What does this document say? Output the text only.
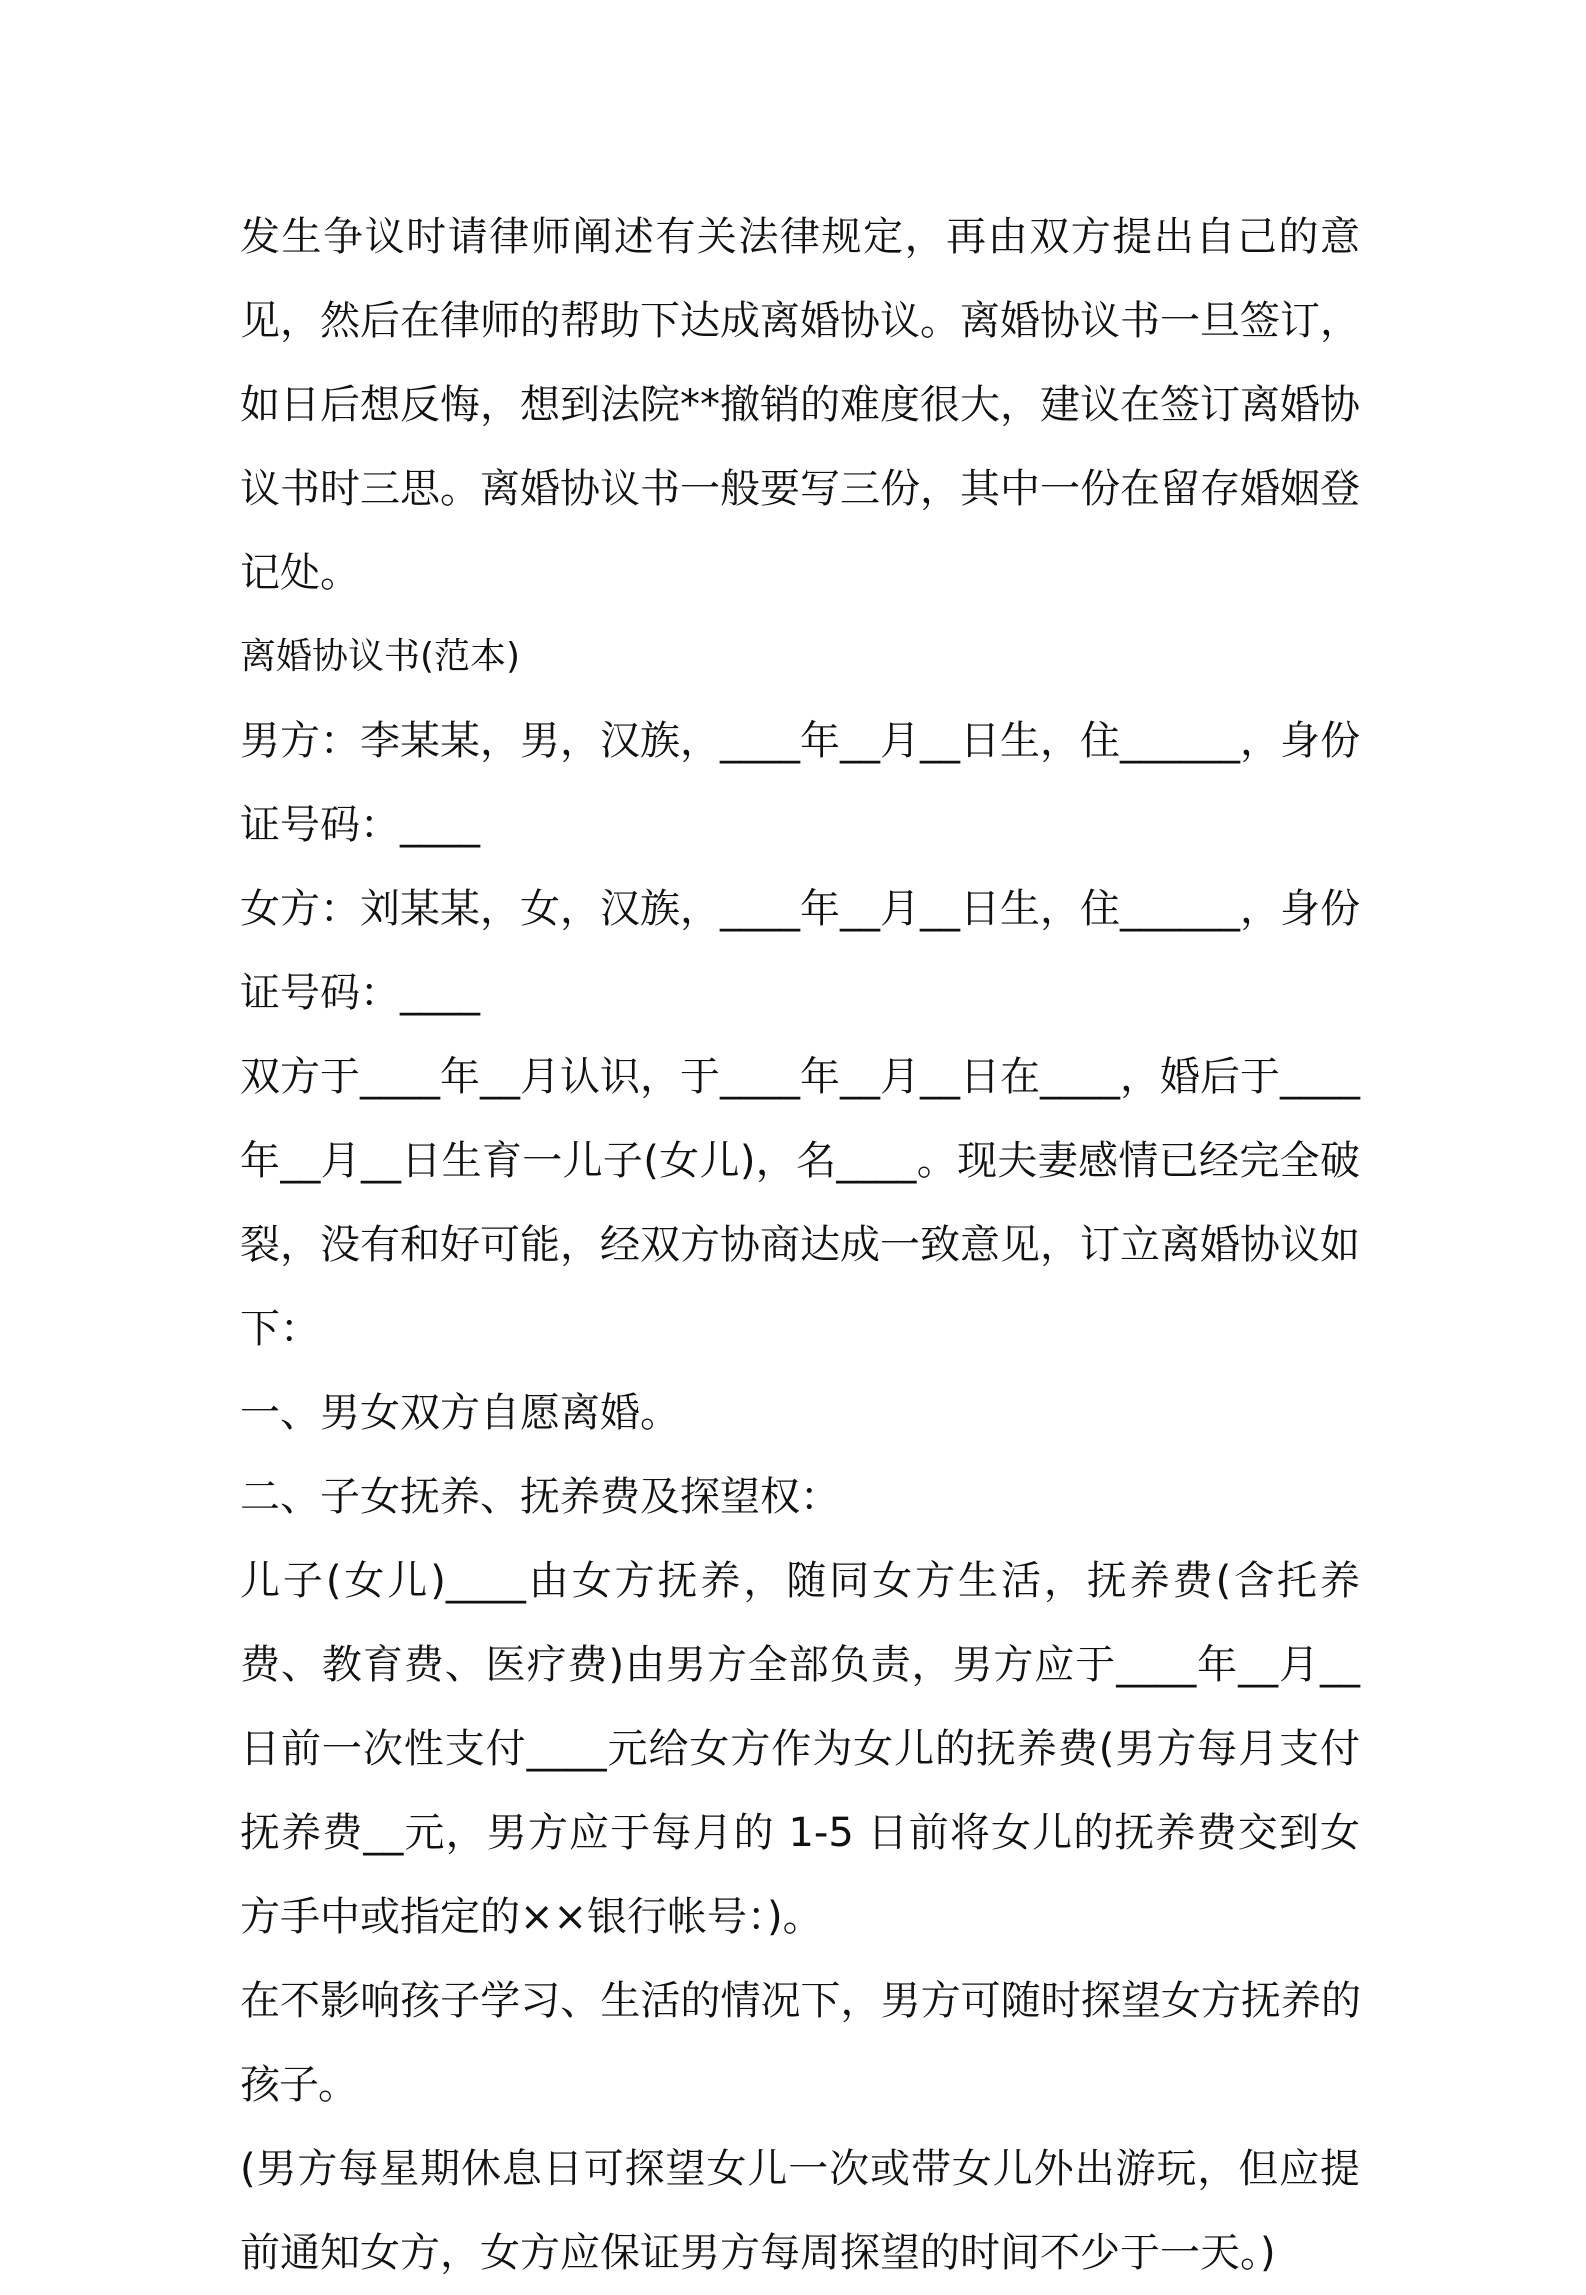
发生争议时请律师阐述有关法律规定，再由双方提出自己的意见，然后在律师的帮助下达成离婚协议。离婚协议书一旦签订，如日后想反悔，想到法院**撤销的难度很大，建议在签订离婚协议书时三思。离婚协议书一般要写三份，其中一份在留存婚姻登记处。

离婚协议书(范本)

男方：李某某，男，汉族，____年__月__日生，住______，身份证号码：____

女方：刘某某，女，汉族，____年__月__日生，住______，身份证号码：____

双方于____年__月认识，于____年__月__日在____，婚后于____年__月__日生育一儿子(女儿)，名____。现夫妻感情已经完全破裂，没有和好可能，经双方协商达成一致意见，订立离婚协议如下：

一、男女双方自愿离婚。

二、子女抚养、抚养费及探望权：

儿子(女儿)____由女方抚养，随同女方生活，抚养费(含托养费、教育费、医疗费)由男方全部负责，男方应于____年__月__日前一次性支付____元给女方作为女儿的抚养费(男方每月支付抚养费__元，男方应于每月的 1-5 日前将女儿的抚养费交到女方手中或指定的××银行帐号：)。

在不影响孩子学习、生活的情况下，男方可随时探望女方抚养的孩子。

(男方每星期休息日可探望女儿一次或带女儿外出游玩，但应提前通知女方，女方应保证男方每周探望的时间不少于一天。)
